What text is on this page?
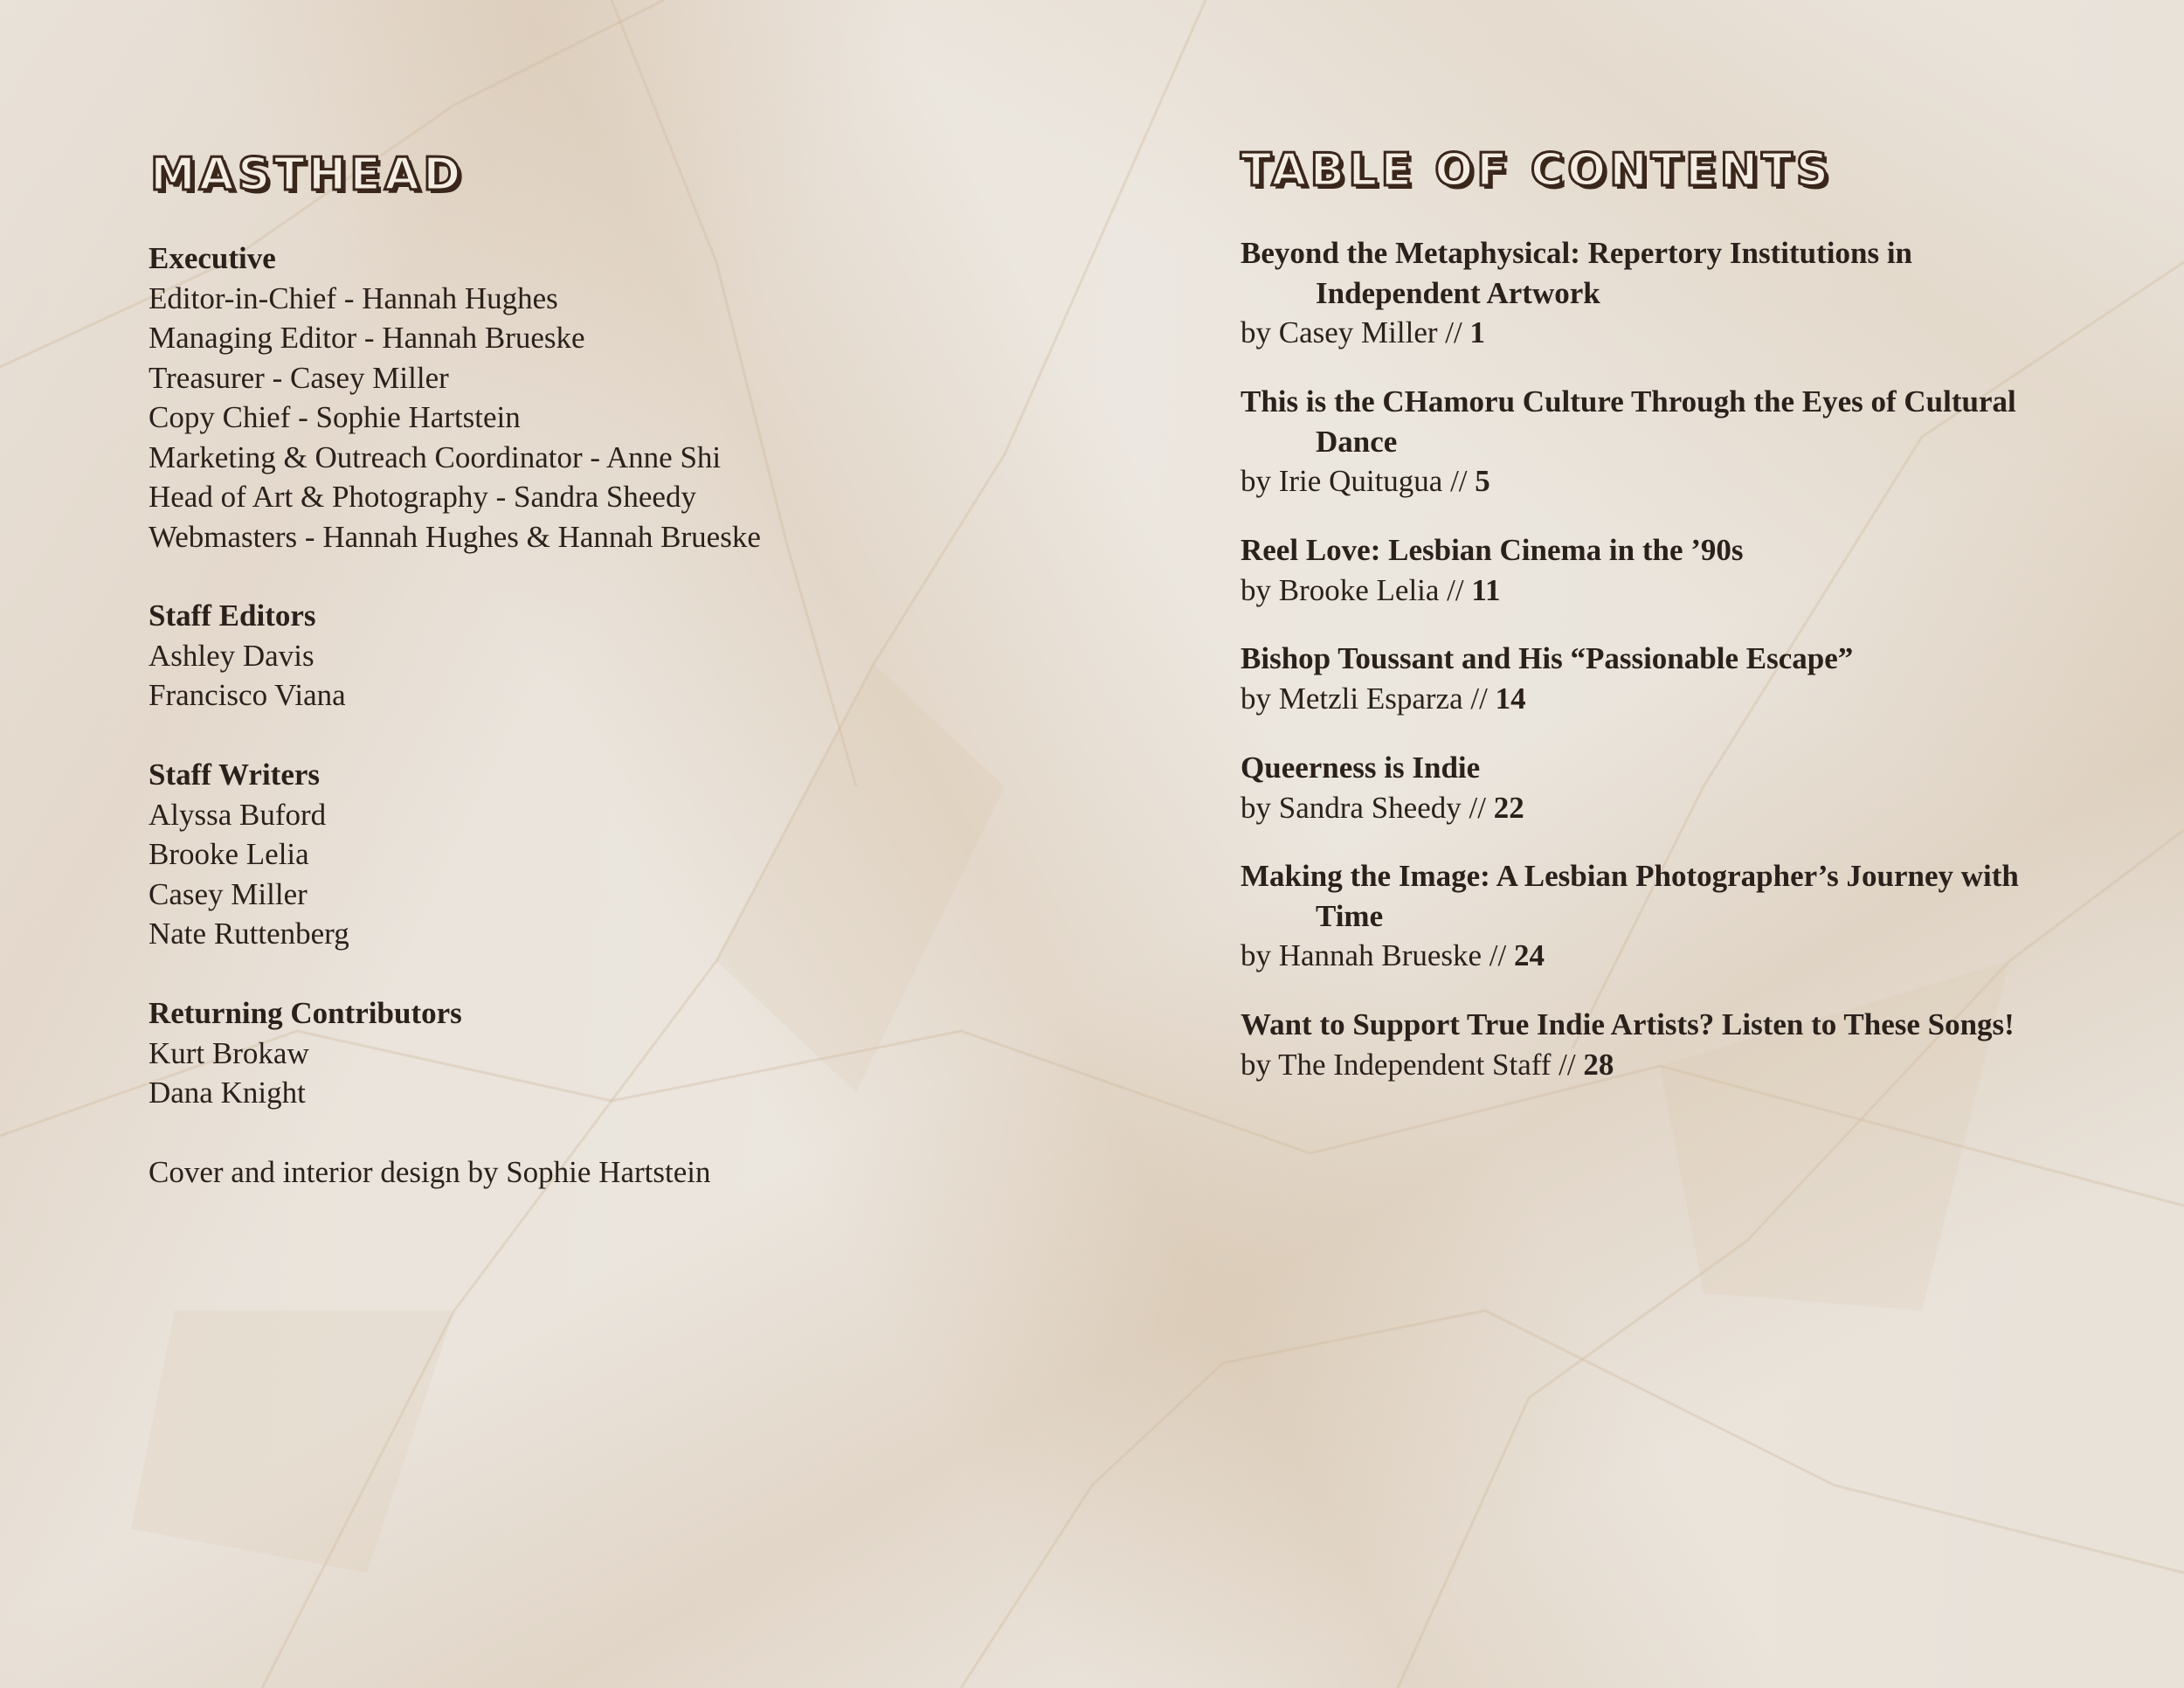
MASTHEAD

Executive

Editor-in-Chief - Hannah Hughes

Managing Editor - Hannah Brueske

Treasurer - Casey Miller

Copy Chief - Sophie Hartstein

Marketing & Outreach Coordinator - Anne Shi

Head of Art & Photography - Sandra Sheedy

Webmasters - Hannah Hughes & Hannah Brueske

Staff Editors

Ashley Davis

Francisco Viana

Staff Writers

Alyssa Buford

Brooke Lelia

Casey Miller

Nate Ruttenberg

Returning Contributors

Kurt Brokaw

Dana Knight

Cover and interior design by Sophie Hartstein

TABLE OF CONTENTS

Beyond the Metaphysical: Repertory Institutions in Independent Artwork

by Casey Miller // 1

This is the CHamoru Culture Through the Eyes of Cultural Dance

by Irie Quitugua // 5

Reel Love: Lesbian Cinema in the ’90s

by Brooke Lelia // 11

Bishop Toussant and His “Passionable Escape”

by Metzli Esparza // 14

Queerness is Indie

by Sandra Sheedy // 22

Making the Image: A Lesbian Photographer’s Journey with Time

by Hannah Brueske // 24

Want to Support True Indie Artists? Listen to These Songs!

by The Independent Staff // 28
